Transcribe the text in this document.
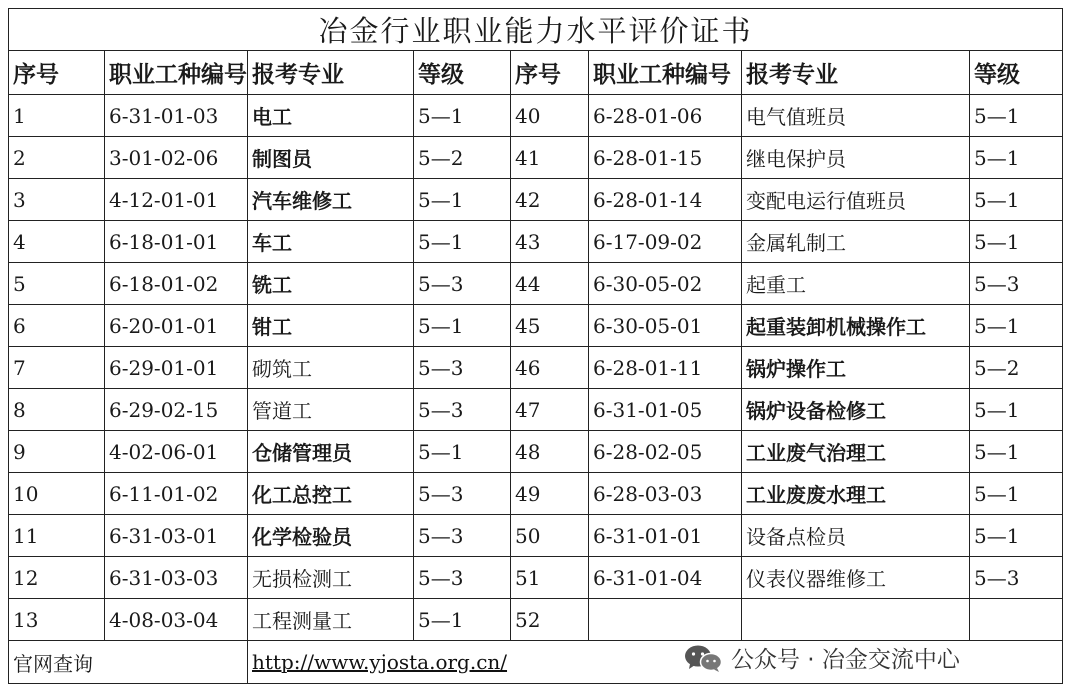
冶金行业职业能力水平评价证书							
序号	职业工种编号	报考专业	等级	序号	职业工种编号	报考专业	等级
1	6-31-01-03	电工	5—1	40	6-28-01-06	电气值班员	5—1
2	3-01-02-06	制图员	5—2	41	6-28-01-15	继电保护员	5—1
3	4-12-01-01	汽车维修工	5—1	42	6-28-01-14	变配电运行值班员	5—1
4	6-18-01-01	车工	5—1	43	6-17-09-02	金属轧制工	5—1
5	6-18-01-02	铣工	5—3	44	6-30-05-02	起重工	5—3
6	6-20-01-01	钳工	5—1	45	6-30-05-01	起重装卸机械操作工	5—1
7	6-29-01-01	砌筑工	5—3	46	6-28-01-11	锅炉操作工	5—2
8	6-29-02-15	管道工	5—3	47	6-31-01-05	锅炉设备检修工	5—1
9	4-02-06-01	仓储管理员	5—1	48	6-28-02-05	工业废气治理工	5—1
10	6-11-01-02	化工总控工	5—3	49	6-28-03-03	工业废废水理工	5—1
11	6-31-03-01	化学检验员	5—3	50	6-31-01-01	设备点检员	5—1
12	6-31-03-03	无损检测工	5—3	51	6-31-01-04	仪表仪器维修工	5—3
13	4-08-03-04	工程测量工	5—1	52			
官网查询		http://www.yjosta.org.cn/						公众号 · 冶金交流中心
